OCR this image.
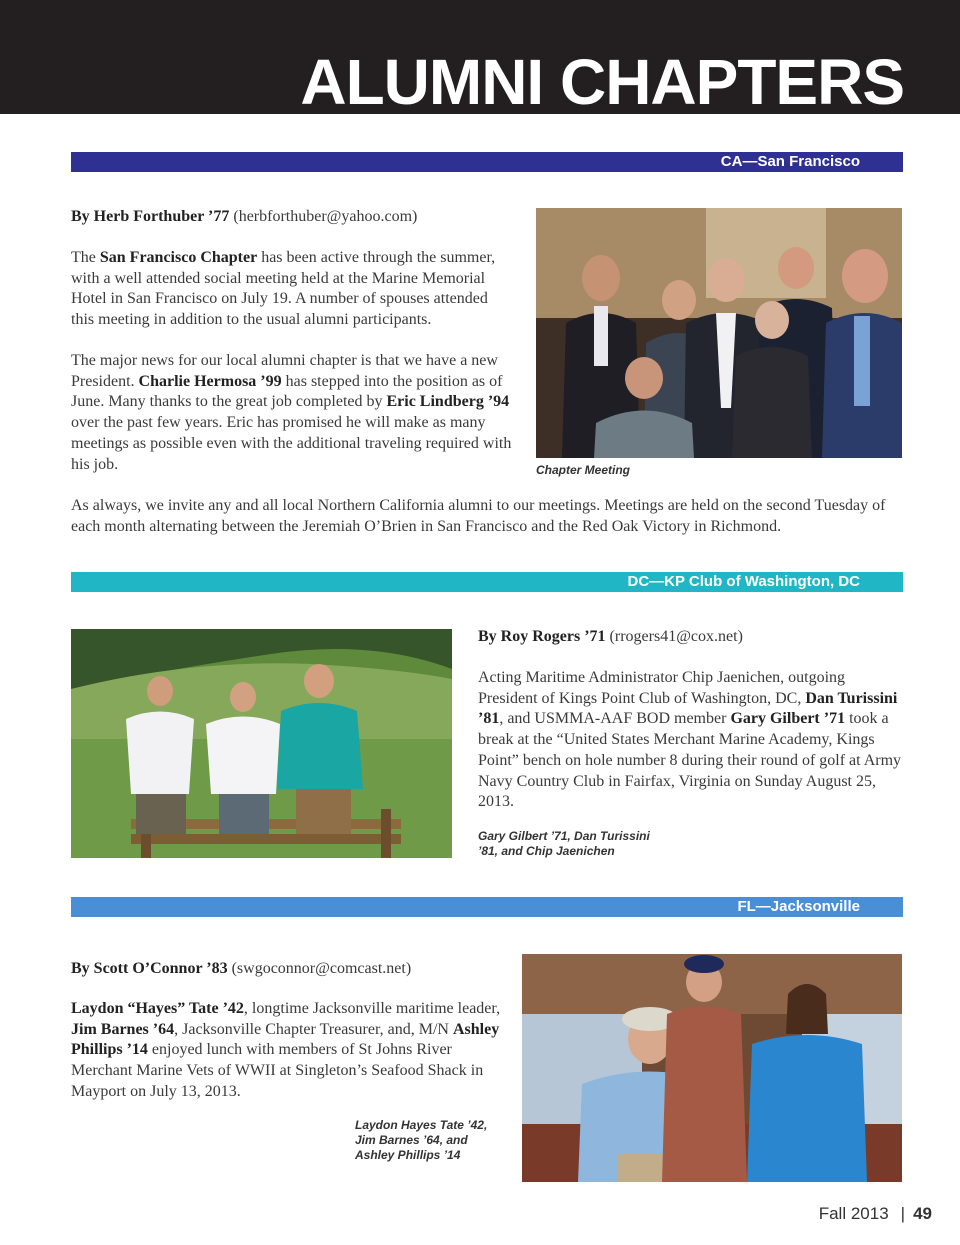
ALUMNI CHAPTERS
CA—San Francisco

By Herb Forthuber ’77 (herbforthuber@yahoo.com)

The San Francisco Chapter has been active through the summer, with a well attended social meeting held at the Marine Memorial Hotel in San Francisco on July 19. A number of spouses attended this meeting in addition to the usual alumni participants.

The major news for our local alumni chapter is that we have a new President. Charlie Hermosa ’99 has stepped into the position as of June. Many thanks to the great job completed by Eric Lindberg ’94 over the past few years. Eric has promised he will make as many meetings as possible even with the additional traveling required with his job.

As always, we invite any and all local Northern California alumni to our meetings. Meetings are held on the second Tuesday of each month alternating between the Jeremiah O’Brien in San Francisco and the Red Oak Victory in Richmond.

Chapter Meeting

DC—KP Club of Washington, DC

By Roy Rogers ’71 (rrogers41@cox.net)

Acting Maritime Administrator Chip Jaenichen, outgoing President of Kings Point Club of Washington, DC, Dan Turissini ’81, and USMMA-AAF BOD member Gary Gilbert ’71 took a break at the “United States Merchant Marine Academy, Kings Point” bench on hole number 8 during their round of golf at Army Navy Country Club in Fairfax, Virginia on Sunday August 25, 2013.

Gary Gilbert ’71, Dan Turissini
’81, and Chip Jaenichen

FL—Jacksonville

By Scott O’Connor ’83 (swgoconnor@comcast.net)

Laydon “Hayes” Tate ’42, longtime Jacksonville maritime leader, Jim Barnes ’64, Jacksonville Chapter Treasurer, and, M/N Ashley Phillips ’14 enjoyed lunch with members of St Johns River Merchant Marine Vets of WWII at Singleton’s Seafood Shack in Mayport on July 13, 2013.

Laydon Hayes Tate ’42,
Jim Barnes ’64, and
Ashley Phillips ’14

Fall 2013 | 49
